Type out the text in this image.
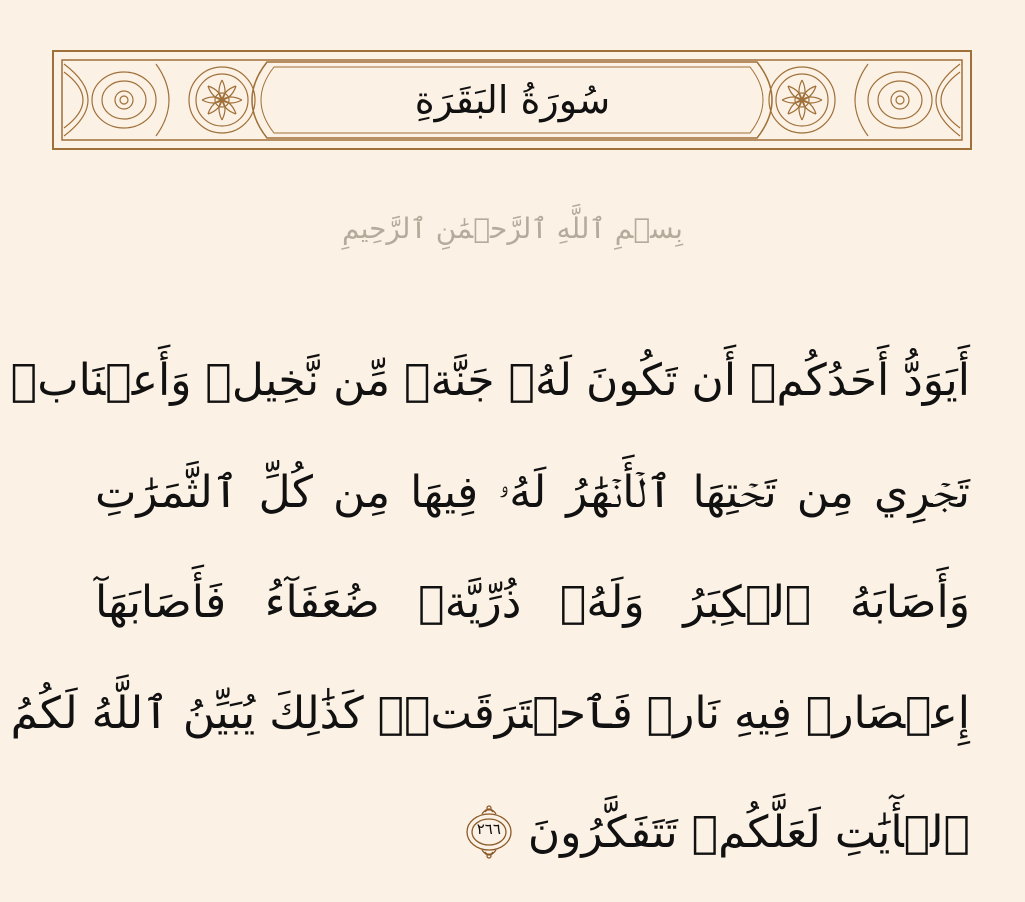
سُورَةُ البَقَرَةِ
بِسۡمِ ٱللَّهِ ٱلرَّحۡمَٰنِ ٱلرَّحِيمِ
أَيَوَدُّ أَحَدُكُمۡ أَن تَكُونَ لَهُۥ جَنَّةٞ مِّن نَّخِيلٖ وَأَعۡنَابٖ
تَجۡرِي مِن تَحۡتِهَا ٱلۡأَنۡهَٰرُ لَهُۥ فِيهَا مِن كُلِّ ٱلثَّمَرَٰتِ
وَأَصَابَهُ ٱلۡكِبَرُ وَلَهُۥ ذُرِّيَّةٞ ضُعَفَآءُ فَأَصَابَهَآ
إِعۡصَارٞ فِيهِ نَارٞ فَٱحۡتَرَقَتۡۗ كَذَٰلِكَ يُبَيِّنُ ٱللَّهُ لَكُمُ
ٱلۡأٓيَٰتِ لَعَلَّكُمۡ تَتَفَكَّرُونَ
٢٦٦
